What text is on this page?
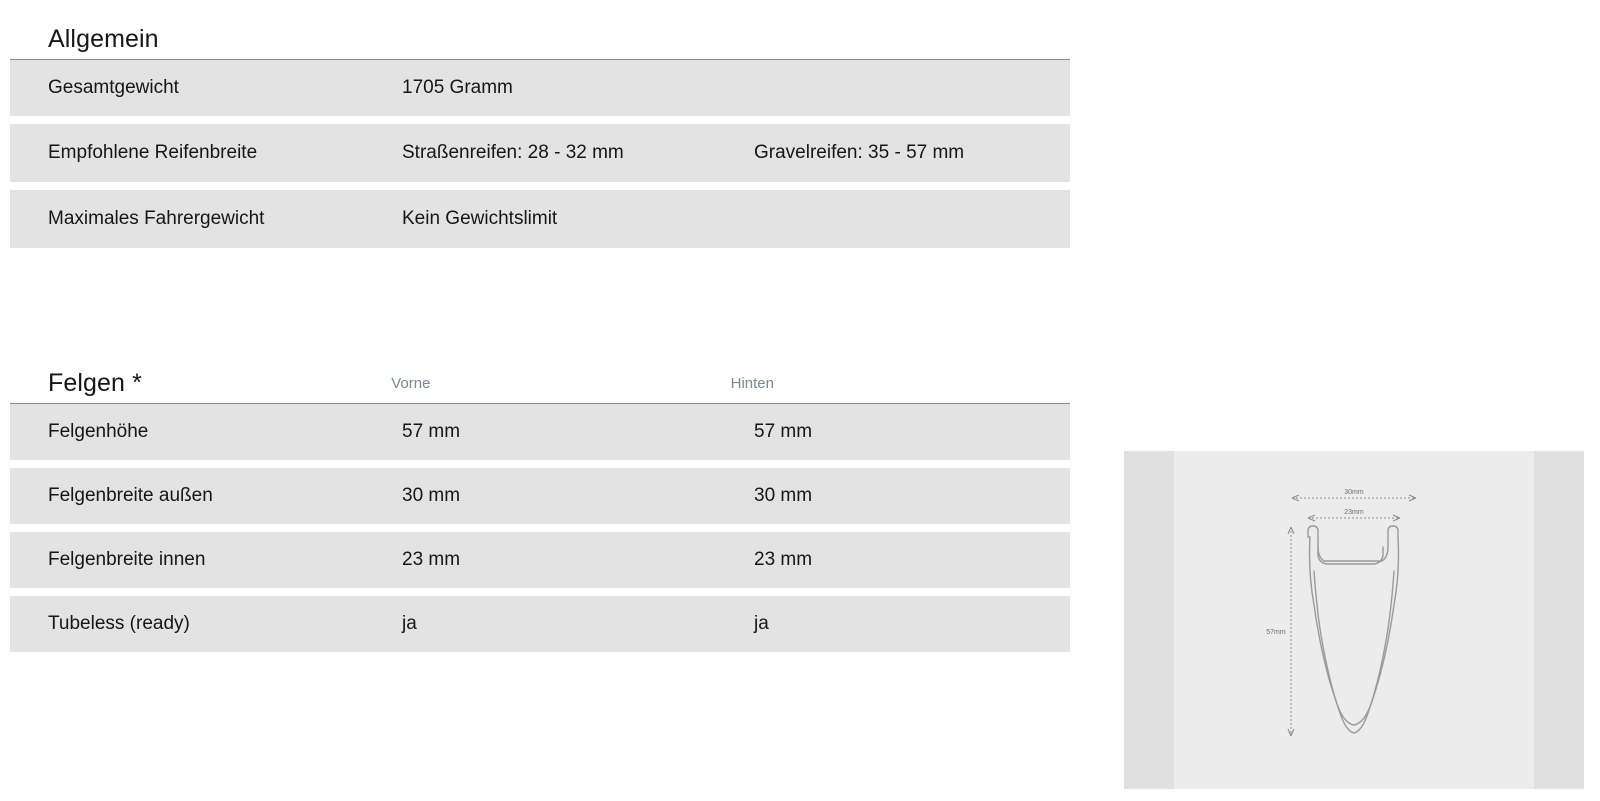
Allgemein
Gesamtgewicht	1705 Gramm
Empfohlene Reifenbreite	Straßenreifen: 28 - 32 mm	Gravelreifen: 35 - 57 mm
Maximales Fahrergewicht	Kein Gewichtslimit
Felgen *	Vorne	Hinten
Felgenhöhe	57 mm	57 mm
Felgenbreite außen	30 mm	30 mm
Felgenbreite innen	23 mm	23 mm
Tubeless (ready)	ja	ja
30mm
23mm
57mm
